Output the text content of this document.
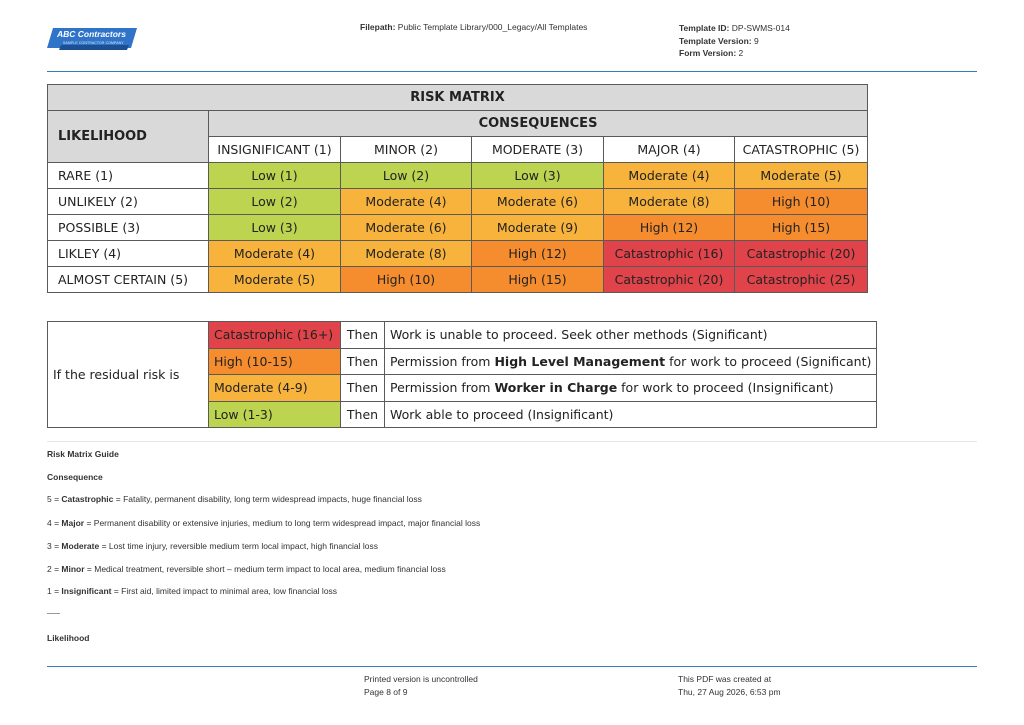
ABC Contractors
SAMPLE CONTRACTOR COMPANY
Filepath: Public Template Library/000_Legacy/All Templates	Template ID: DP-SWMS-014
Template Version: 9
Form Version: 2
RISK MATRIX					
LIKELIHOOD	CONSEQUENCES				
	INSIGNIFICANT (1)	MINOR (2)	MODERATE (3)	MAJOR (4)	CATASTROPHIC (5)
RARE (1)	Low (1)	Low (2)	Low (3)	Moderate (4)	Moderate (5)
UNLIKELY (2)	Low (2)	Moderate (4)	Moderate (6)	Moderate (8)	High (10)
POSSIBLE (3)	Low (3)	Moderate (6)	Moderate (9)	High (12)	High (15)
LIKLEY (4)	Moderate (4)	Moderate (8)	High (12)	Catastrophic (16)	Catastrophic (20)
ALMOST CERTAIN (5)	Moderate (5)	High (10)	High (15)	Catastrophic (20)	Catastrophic (25)
If the residual risk is	Catastrophic (16+)	Then	Work is unable to proceed. Seek other methods (Significant)
	High (10-15)	Then	Permission from High Level Management for work to proceed (Significant)
	Moderate (4-9)	Then	Permission from Worker in Charge for work to proceed (Insignificant)
	Low (1-3)	Then	Work able to proceed (Insignificant)
Risk Matrix Guide
Consequence
5 = Catastrophic = Fatality, permanent disability, long term widespread impacts, huge financial loss
4 = Major = Permanent disability or extensive injuries, medium to long term widespread impact, major financial loss
3 = Moderate = Lost time injury, reversible medium term local impact, high financial loss
2 = Minor = Medical treatment, reversible short – medium term impact to local area, medium financial loss
1 = Insignificant = First aid, limited impact to minimal area, low financial loss
Likelihood
Printed version is uncontrolled
Page 8 of 9
This PDF was created at
Thu, 27 Aug 2026, 6:53 pm
